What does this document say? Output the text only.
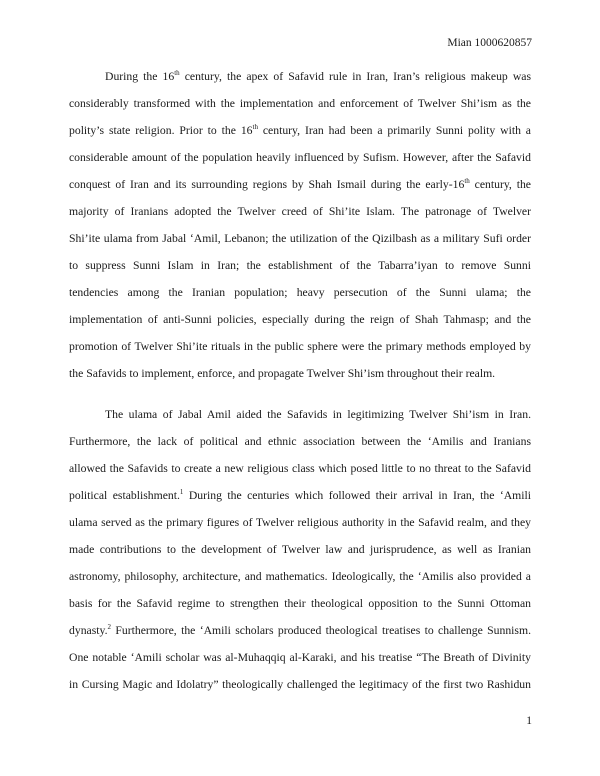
Mian 1000620857
During the 16th century, the apex of Safavid rule in Iran, Iran’s religious makeup was
considerably transformed with the implementation and enforcement of Twelver Shi’ism as the
polity’s state religion. Prior to the 16th century, Iran had been a primarily Sunni polity with a
considerable amount of the population heavily influenced by Sufism. However, after the Safavid
conquest of Iran and its surrounding regions by Shah Ismail during the early-16th century, the
majority of Iranians adopted the Twelver creed of Shi’ite Islam. The patronage of Twelver
Shi’ite ulama from Jabal ‘Amil, Lebanon; the utilization of the Qizilbash as a military Sufi order
to suppress Sunni Islam in Iran; the establishment of the Tabarra’iyan to remove Sunni
tendencies among the Iranian population; heavy persecution of the Sunni ulama; the
implementation of anti-Sunni policies, especially during the reign of Shah Tahmasp; and the
promotion of Twelver Shi’ite rituals in the public sphere were the primary methods employed by
the Safavids to implement, enforce, and propagate Twelver Shi’ism throughout their realm.
The ulama of Jabal Amil aided the Safavids in legitimizing Twelver Shi’ism in Iran.
Furthermore, the lack of political and ethnic association between the ‘Amilis and Iranians
allowed the Safavids to create a new religious class which posed little to no threat to the Safavid
political establishment.$^1$ During the centuries which followed their arrival in Iran, the ‘Amili
ulama served as the primary figures of Twelver religious authority in the Safavid realm, and they
made contributions to the development of Twelver law and jurisprudence, as well as Iranian
astronomy, philosophy, architecture, and mathematics. Ideologically, the ‘Amilis also provided a
basis for the Safavid regime to strengthen their theological opposition to the Sunni Ottoman
dynasty.$^2$ Furthermore, the ‘Amili scholars produced theological treatises to challenge Sunnism.
One notable ‘Amili scholar was al-Muhaqqiq al-Karaki, and his treatise “The Breath of Divinity
in Cursing Magic and Idolatry” theologically challenged the legitimacy of the first two Rashidun
1
